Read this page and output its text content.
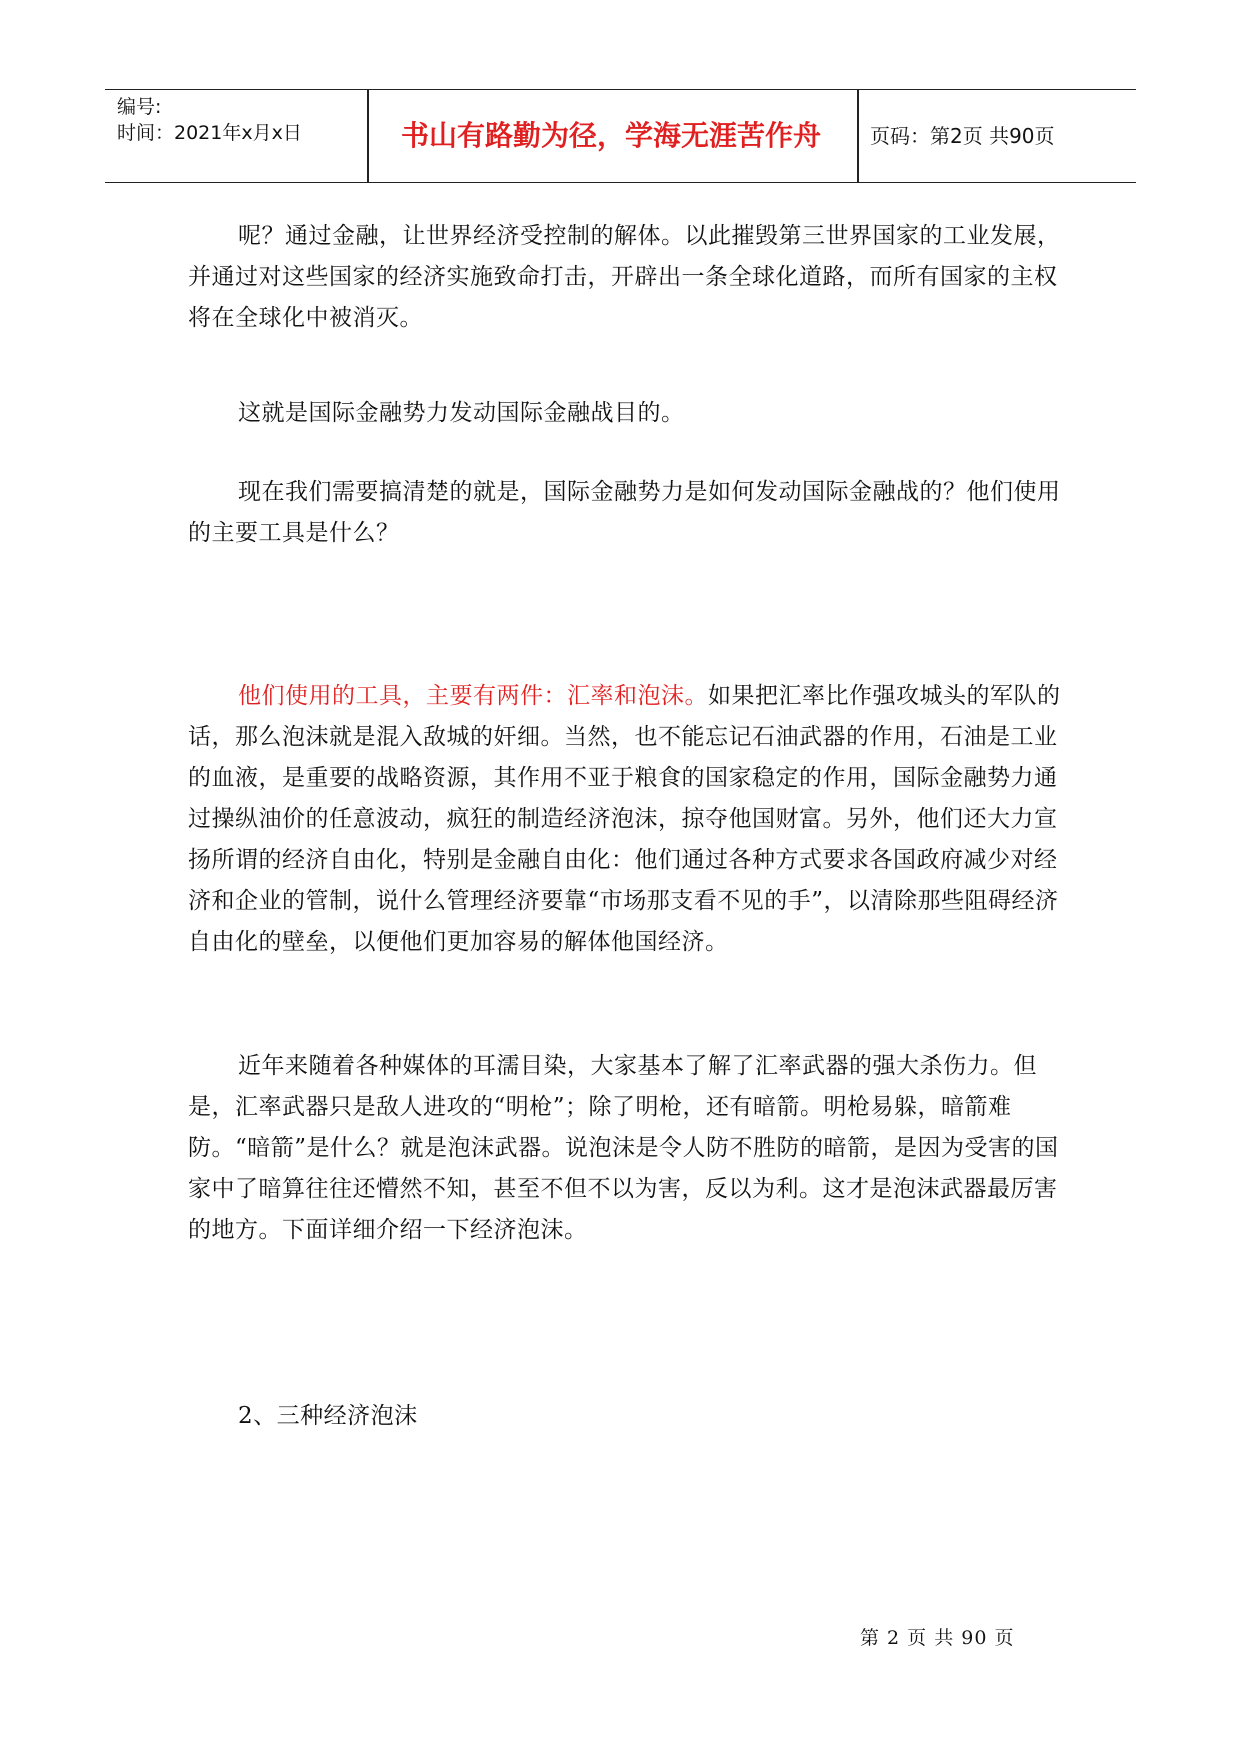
编号:
时间：2021年x月x日	书山有路勤为径，学海无涯苦作舟	页码：第2页 共90页

呢？通过金融，让世界经济受控制的解体。以此摧毁第三世界国家的工业发展，并通过对这些国家的经济实施致命打击，开辟出一条全球化道路，而所有国家的主权将在全球化中被消灭。

这就是国际金融势力发动国际金融战目的。

现在我们需要搞清楚的就是，国际金融势力是如何发动国际金融战的？他们使用的主要工具是什么？

他们使用的工具，主要有两件：汇率和泡沫。如果把汇率比作强攻城头的军队的话，那么泡沫就是混入敌城的奸细。当然，也不能忘记石油武器的作用，石油是工业的血液，是重要的战略资源，其作用不亚于粮食的国家稳定的作用，国际金融势力通过操纵油价的任意波动，疯狂的制造经济泡沫，掠夺他国财富。另外，他们还大力宣扬所谓的经济自由化，特别是金融自由化：他们通过各种方式要求各国政府减少对经济和企业的管制，说什么管理经济要靠“市场那支看不见的手”，以清除那些阻碍经济自由化的壁垒，以便他们更加容易的解体他国经济。

近年来随着各种媒体的耳濡目染，大家基本了解了汇率武器的强大杀伤力。但是，汇率武器只是敌人进攻的“明枪”；除了明枪，还有暗箭。明枪易躲，暗箭难防。“暗箭”是什么？就是泡沫武器。说泡沫是令人防不胜防的暗箭，是因为受害的国家中了暗算往往还懵然不知，甚至不但不以为害，反以为利。这才是泡沫武器最厉害的地方。下面详细介绍一下经济泡沫。

2、三种经济泡沫

第 2 页 共 90 页
